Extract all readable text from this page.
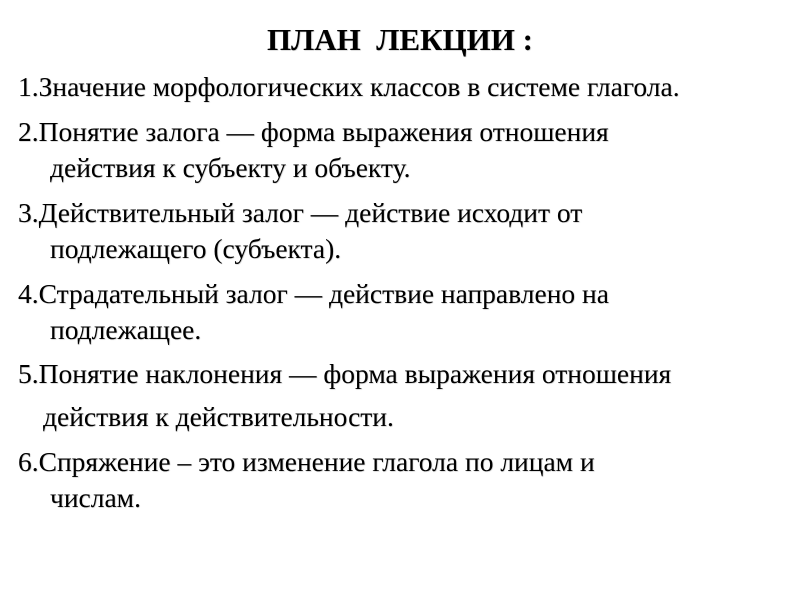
ПЛАН  ЛЕКЦИИ :
1.Значение морфологических классов в системе глагола.
2.Понятие залога — форма выражения отношения
действия к субъекту и объекту.
3.Действительный залог — действие исходит от
подлежащего (субъекта).
4.Страдательный залог — действие направлено на
подлежащее.
5.Понятие наклонения — форма выражения отношения
действия к действительности.
6.Спряжение – это изменение глагола по лицам и
числам.
